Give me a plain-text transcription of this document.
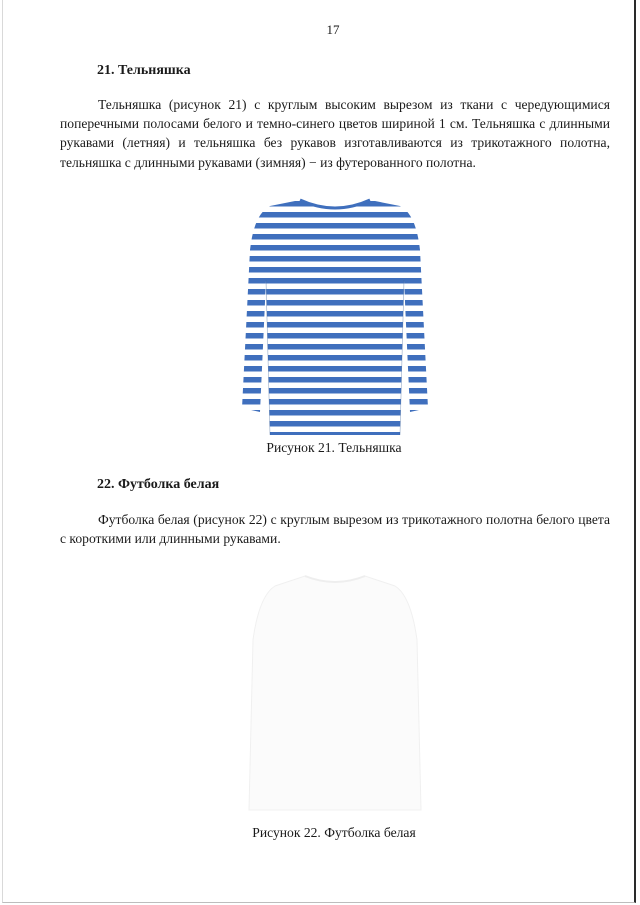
17
21. Тельняшка
Тельняшка (рисунок 21) с круглым высоким вырезом из ткани с чередующимися поперечными полосами белого и темно-синего цветов шириной 1 см. Тельняшка с длинными рукавами (летняя) и тельняшка без рукавов изготавливаются из трикотажного полотна, тельняшка с длинными рукавами (зимняя) − из футерованного полотна.
Рисунок 21. Тельняшка
22. Футболка белая
Футболка белая (рисунок 22) с круглым вырезом из трикотажного полотна белого цвета с короткими или длинными рукавами.
Рисунок 22. Футболка белая
